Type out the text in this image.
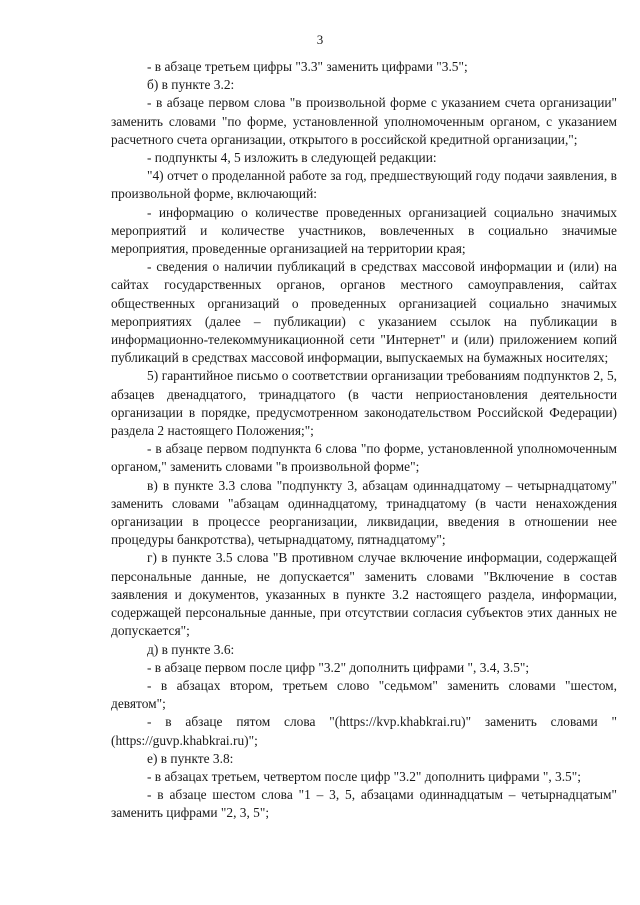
3

- в абзаце третьем цифры "3.3" заменить цифрами "3.5";

б) в пункте 3.2:

- в абзаце первом слова "в произвольной форме с указанием счета организации" заменить словами "по форме, установленной уполномоченным органом, с указанием расчетного счета организации, открытого в российской кредитной организации,";

- подпункты 4, 5 изложить в следующей редакции:

"4) отчет о проделанной работе за год, предшествующий году подачи заявления, в произвольной форме, включающий:

- информацию о количестве проведенных организацией социально значимых мероприятий и количестве участников, вовлеченных в социально значимые мероприятия, проведенные организацией на территории края;

- сведения о наличии публикаций в средствах массовой информации и (или) на сайтах государственных органов, органов местного самоуправления, сайтах общественных организаций о проведенных организацией социально значимых мероприятиях (далее – публикации) с указанием ссылок на публикации в информационно-телекоммуникационной сети "Интернет" и (или) приложением копий публикаций в средствах массовой информации, выпускаемых на бумажных носителях;

5) гарантийное письмо о соответствии организации требованиям подпунктов 2, 5, абзацев двенадцатого, тринадцатого (в части неприостановления деятельности организации в порядке, предусмотренном законодательством Российской Федерации) раздела 2 настоящего Положения;";

- в абзаце первом подпункта 6 слова "по форме, установленной уполномоченным органом," заменить словами "в произвольной форме";

в) в пункте 3.3 слова "подпункту 3, абзацам одиннадцатому – четырнадцатому" заменить словами "абзацам одиннадцатому, тринадцатому (в части ненахождения организации в процессе реорганизации, ликвидации, введения в отношении нее процедуры банкротства), четырнадцатому, пятнадцатому";

г) в пункте 3.5 слова "В противном случае включение информации, содержащей персональные данные, не допускается" заменить словами "Включение в состав заявления и документов, указанных в пункте 3.2 настоящего раздела, информации, содержащей персональные данные, при отсутствии согласия субъектов этих данных не допускается";

д) в пункте 3.6:

- в абзаце первом после цифр "3.2" дополнить цифрами ", 3.4, 3.5";

- в абзацах втором, третьем слово "седьмом" заменить словами "шестом, девятом";

- в абзаце пятом слова "(https://kvp.khabkrai.ru)" заменить словами "(https://guvp.khabkrai.ru)";

е) в пункте 3.8:

- в абзацах третьем, четвертом после цифр "3.2" дополнить цифрами ", 3.5";

- в абзаце шестом слова "1 – 3, 5, абзацами одиннадцатым – четырнадцатым" заменить цифрами "2, 3, 5";
